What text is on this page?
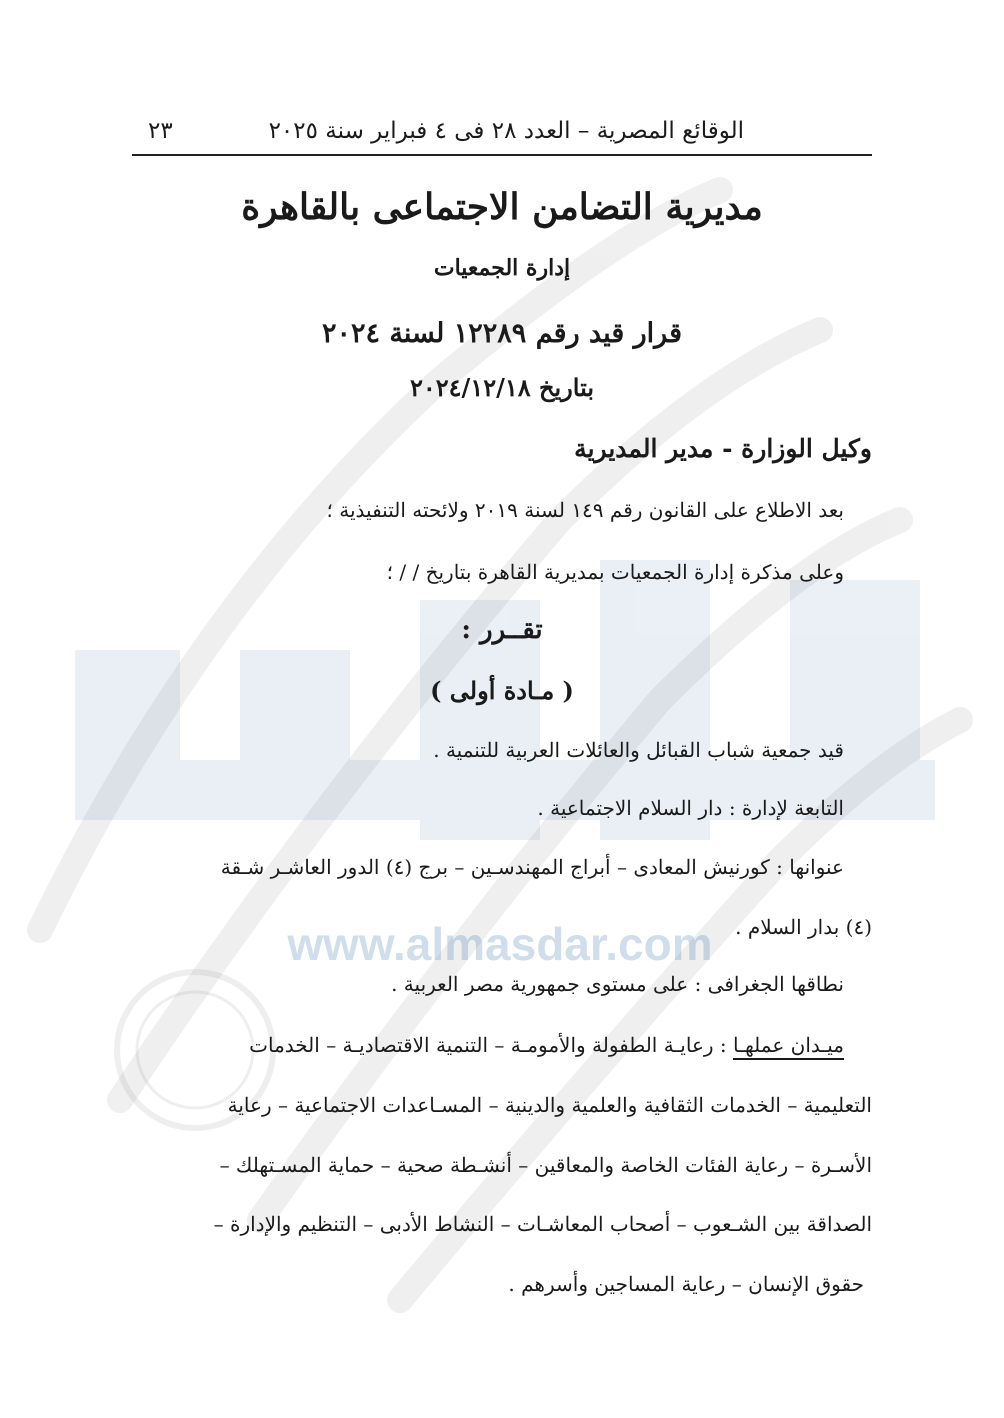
www.almasdar.com
الوقائع المصرية – العدد ٢٨ فى ٤ فبراير سنة ٢٠٢٥
٢٣
مديرية التضامن الاجتماعى بالقاهرة
إدارة الجمعيات
قرار قيد رقم ١٢٢٨٩ لسنة ٢٠٢٤
بتاريخ ٢٠٢٤/١٢/١٨
وكيل الوزارة - مدير المديرية
بعد الاطلاع على القانون رقم ١٤٩ لسنة ٢٠١٩ ولائحته التنفيذية ؛
وعلى مذكرة إدارة الجمعيات بمديرية القاهرة بتاريخ / / ؛
تقــرر :
( مـادة أولى )
قيد جمعية شباب القبائل والعائلات العربية للتنمية .
التابعة لإدارة : دار السلام الاجتماعية .
عنوانها : كورنيش المعادى – أبراج المهندسـين – برج (٤) الدور العاشـر شـقة
(٤) بدار السلام .
نطاقها الجغرافى : على مستوى جمهورية مصر العربية .
ميـدان عملهـا : رعايـة الطفولة والأمومـة – التنمية الاقتصاديـة – الخدمات
التعليمية – الخدمات الثقافية والعلمية والدينية – المسـاعدات الاجتماعية – رعاية
الأسـرة – رعاية الفئات الخاصة والمعاقين – أنشـطة صحية – حماية المسـتهلك –
الصداقة بين الشـعوب – أصحاب المعاشـات – النشاط الأدبى – التنظيم والإدارة –
حقوق الإنسان – رعاية المساجين وأسرهم .
